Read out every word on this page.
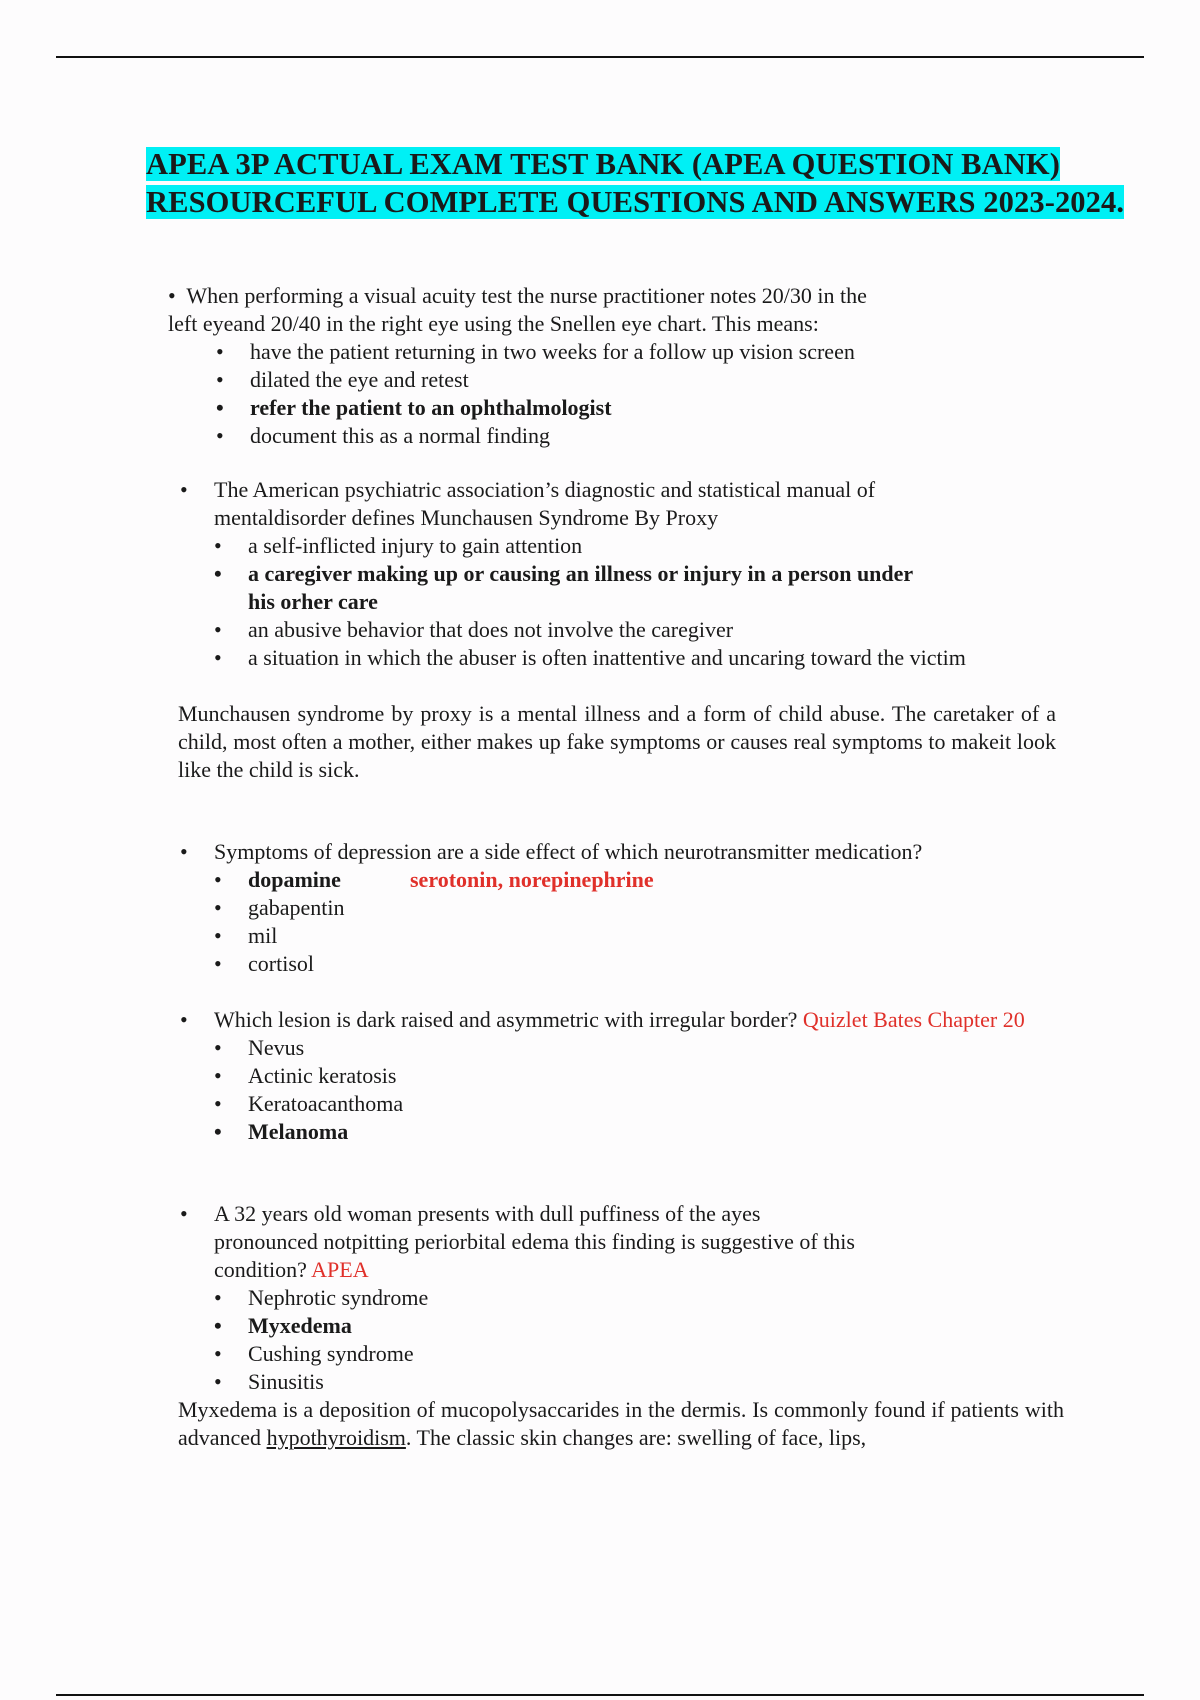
APEA 3P ACTUAL EXAM TEST BANK (APEA QUESTION BANK) RESOURCEFUL COMPLETE QUESTIONS AND ANSWERS 2023-2024.
• When performing a visual acuity test the nurse practitioner notes 20/30 in the
left eyeand 20/40 in the right eye using the Snellen eye chart. This means:
• have the patient returning in two weeks for a follow up vision screen
• dilated the eye and retest
• refer the patient to an ophthalmologist
• document this as a normal finding
• The American psychiatric association’s diagnostic and statistical manual of
mentaldisorder defines Munchausen Syndrome By Proxy
• a self-inflicted injury to gain attention
• a caregiver making up or causing an illness or injury in a person under
his orher care
• an abusive behavior that does not involve the caregiver
• a situation in which the abuser is often inattentive and uncaring toward the victim
Munchausen syndrome by proxy is a mental illness and a form of child abuse. The caretaker of a child, most often a mother, either makes up fake symptoms or causes real symptoms to makeit look like the child is sick.
• Symptoms of depression are a side effect of which neurotransmitter medication?
• dopamine	serotonin, norepinephrine
• gabapentin
• mil
• cortisol
• Which lesion is dark raised and asymmetric with irregular border? Quizlet Bates Chapter 20
• Nevus
• Actinic keratosis
• Keratoacanthoma
• Melanoma
• A 32 years old woman presents with dull puffiness of the ayes
pronounced notpitting periorbital edema this finding is suggestive of this
condition? APEA
• Nephrotic syndrome
• Myxedema
• Cushing syndrome
• Sinusitis
Myxedema is a deposition of mucopolysaccarides in the dermis. Is commonly found if patients with advanced hypothyroidism. The classic skin changes are: swelling of face, lips,
